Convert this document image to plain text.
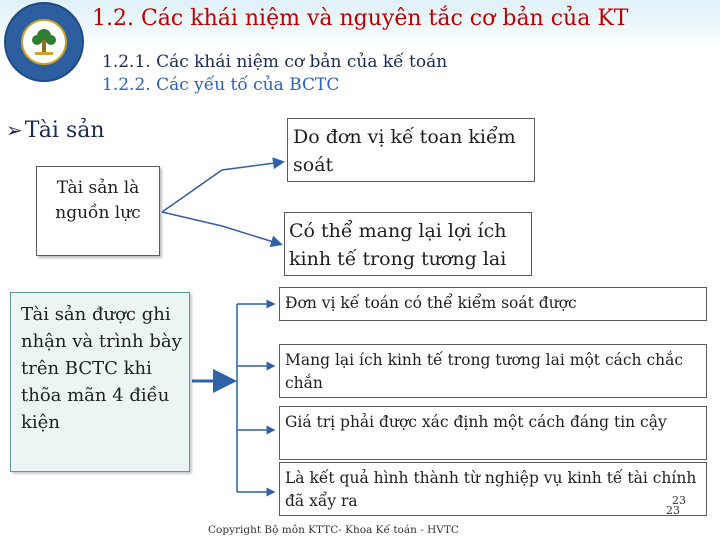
1.2. Các khái niệm và nguyên tắc cơ bản của KT
1.2.1. Các khái niệm cơ bản của kế toán
1.2.2. Các yếu tố của BCTC
➢Tài sản
Tài sản là nguồn lực
Tài sản được ghi nhận và trình bày trên BCTC khi thõa mãn 4 điều kiện
Do đơn vị kế toan kiểm soát
Có thể mang lại lợi ích kinh tế trong tương lai
Đơn vị kế toán có thể kiểm soát được
Mang lại ích kinh tế trong tương lai một cách chắc chắn
Giá trị phải được xác định một cách đáng tin cậy
Là kết quả hình thành từ nghiệp vụ kinh tế tài chính đã xẩy ra	23
23
Copyright Bộ môn KTTC- Khoa Kế toán - HVTC
